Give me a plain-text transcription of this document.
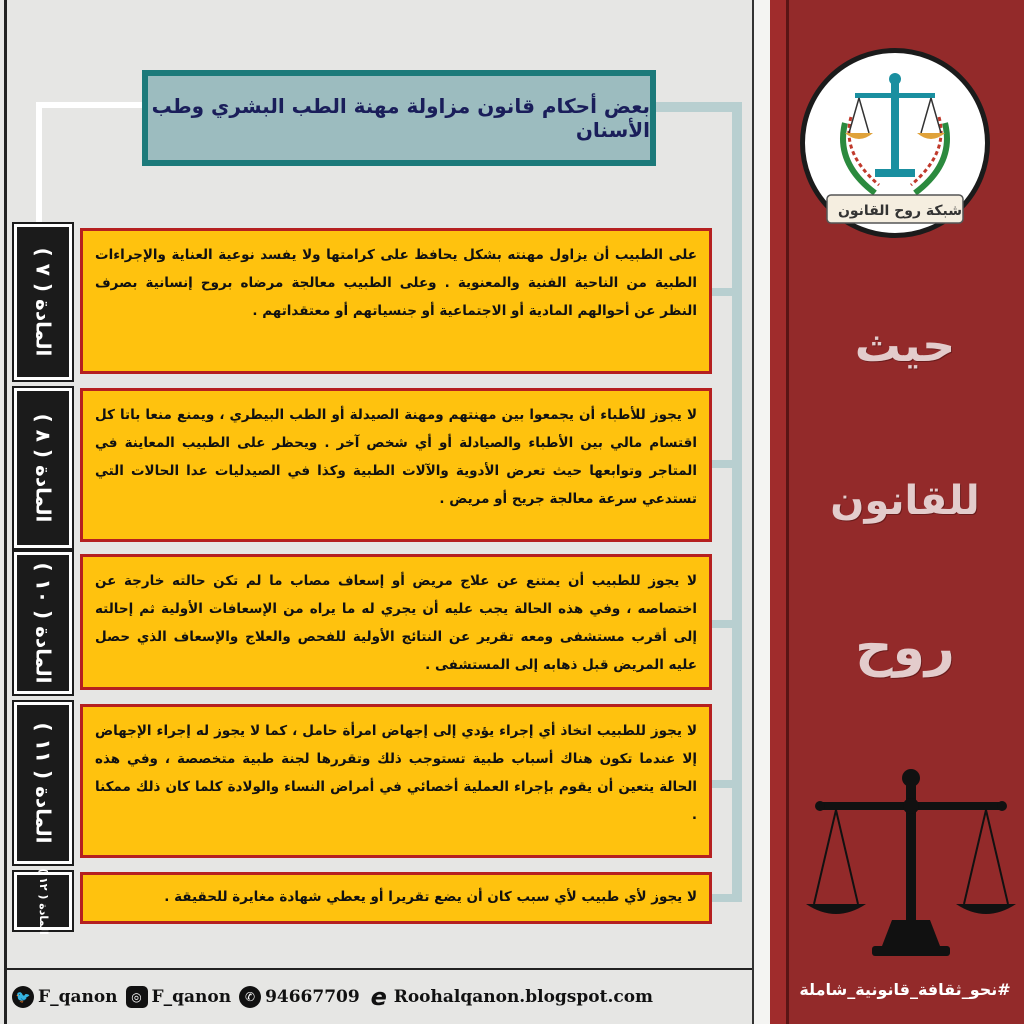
بعض أحكام قانون مزاولة مهنة الطب البشري وطب الأسنان
المادة ( ٧ )
المادة ( ٨ )
المادة ( ١٠ )
المادة ( ١١ )
المادة ( ١٢ )
على الطبيب أن يزاول مهنته بشكل يحافظ على كرامتها ولا يفسد نوعية العناية والإجراءات الطبية من الناحية الفنية والمعنوية . وعلى الطبيب معالجة مرضاه بروح إنسانية بصرف النظر عن أحوالهم المادية أو الاجتماعية أو جنسياتهم أو معتقداتهم .
لا يجوز للأطباء أن يجمعوا بين مهنتهم ومهنة الصيدلة أو الطب البيطري ، ويمنع منعا باتا كل اقتسام مالي بين الأطباء والصيادلة أو أي شخص آخر . ويحظر على الطبيب المعاينة في المتاجر وتوابعها حيث تعرض الأدوية والآلات الطبية وكذا في الصيدليات عدا الحالات التي تستدعي سرعة معالجة جريح أو مريض .
لا يجوز للطبيب أن يمتنع عن علاج مريض أو إسعاف مصاب ما لم تكن حالته خارجة عن اختصاصه ، وفي هذه الحالة يجب عليه أن يجري له ما يراه من الإسعافات الأولية ثم إحالته إلى أقرب مستشفى ومعه تقرير عن النتائج الأولية للفحص والعلاج والإسعاف الذي حصل عليه المريض قبل ذهابه إلى المستشفى .
لا يجوز للطبيب اتخاذ أي إجراء يؤدي إلى إجهاض امرأة حامل ، كما لا يجوز له إجراء الإجهاض إلا عندما تكون هناك أسباب طبية تستوجب ذلك وتقررها لجنة طبية متخصصة ، وفي هذه الحالة يتعين أن يقوم بإجراء العملية أخصائي في أمراض النساء والولادة كلما كان ذلك ممكنا .
لا يجوز لأي طبيب لأي سبب كان أن يضع تقريرا أو يعطي شهادة مغايرة للحقيقة .
🐦 F_qanon	◎ F_qanon	✆ 94667709 e Roohalqanon.blogspot.com
شبكة روح القانون
حيث
للقانون
روح
#نحو_ثقافة_قانونية_شاملة
